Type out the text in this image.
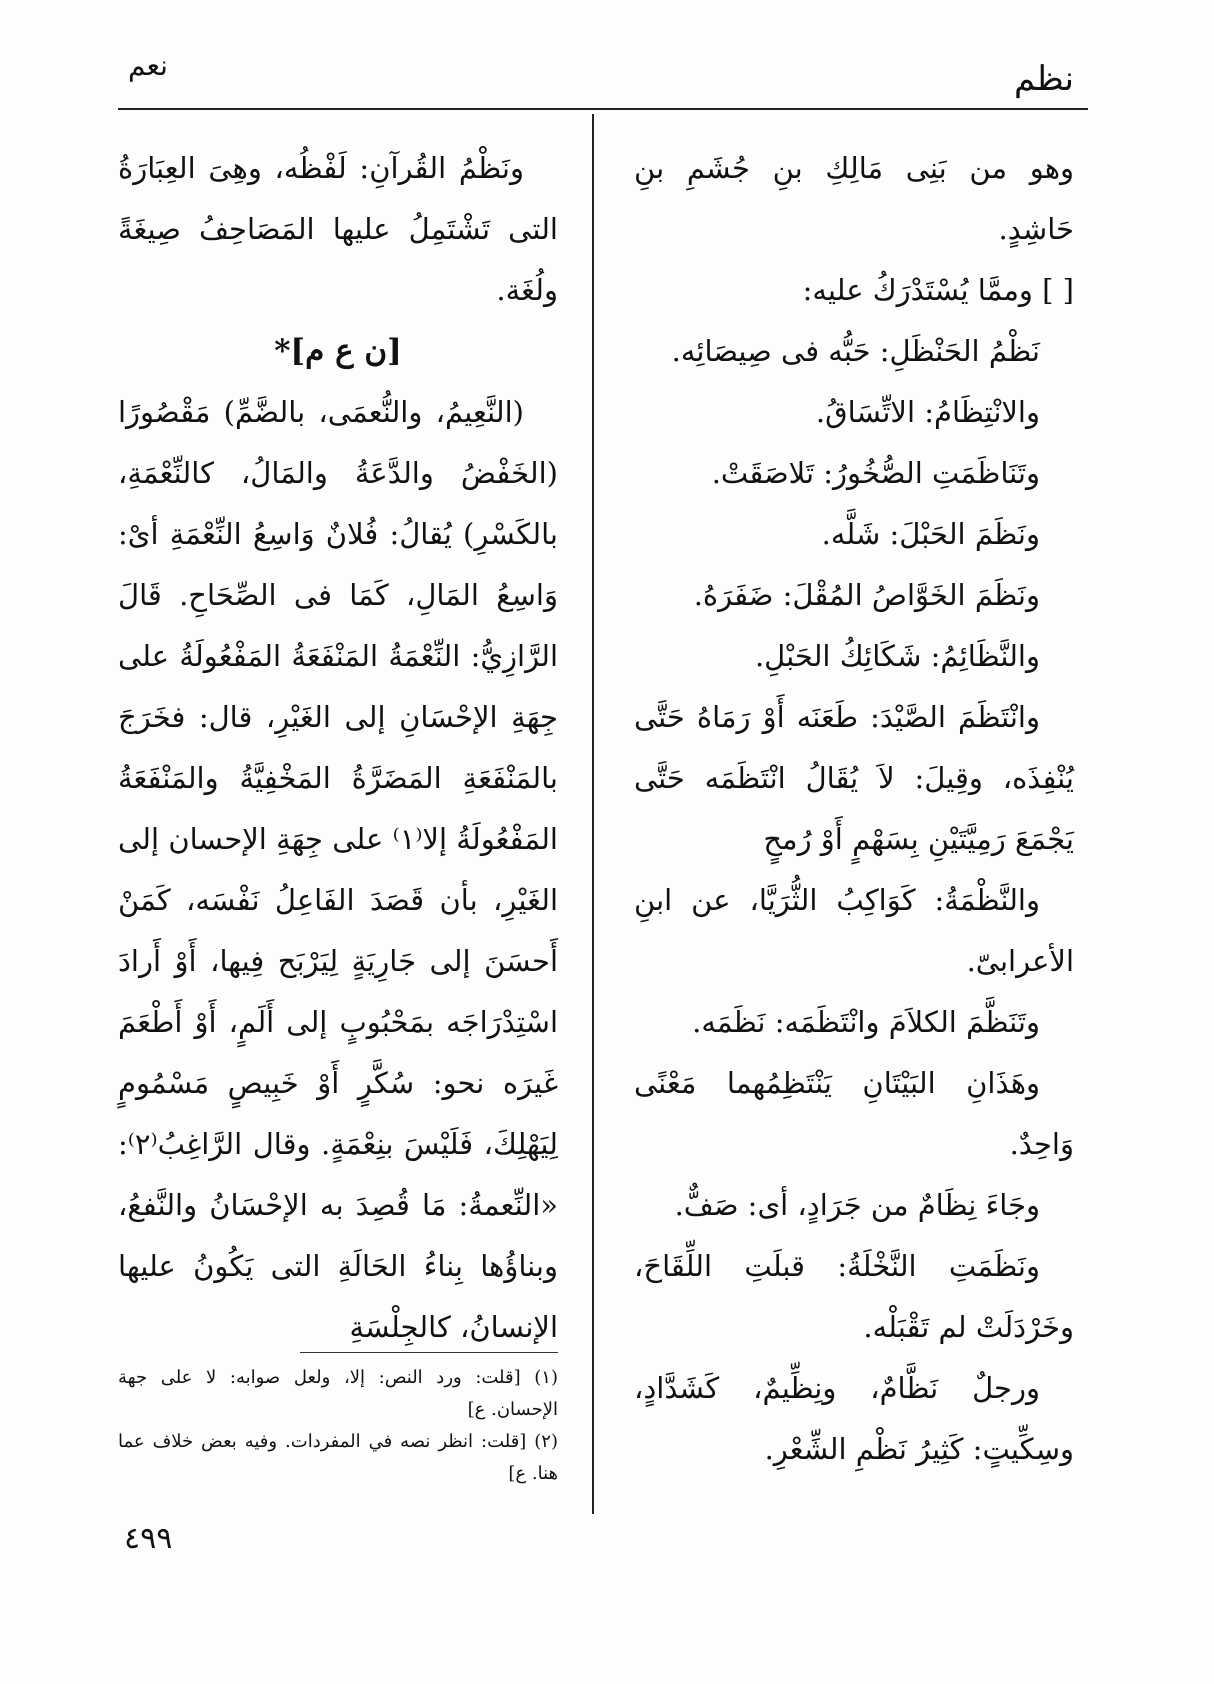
نظم
نعم

وهو من بَنِى مَالِكِ بنِ جُشَمِ بنِ حَاشِدٍ.

[ ] وممَّا يُسْتَدْرَكُ عليه:

نَظْمُ الحَنْظَلِ: حَبُّه فى صِيصَائِه.

والانْتِظَامُ: الاتِّسَاقُ.

وتَنَاظَمَتِ الصُّخُورُ: تَلاصَقَتْ.

ونَظَمَ الحَبْلَ: شَلَّه.

ونَظَمَ الخَوَّاصُ المُقْلَ: ضَفَرَهُ.

والنَّظَائِمُ: شَكَائِكُ الحَبْلِ.

وانْتَظَمَ الصَّيْدَ: طَعَنَه أَوْ رَمَاهُ حَتَّى يُنْفِذَه، وقِيلَ: لاَ يُقَالُ انْتَظَمَه حَتَّى يَجْمَعَ رَمِيَّتَيْنِ بِسَهْمٍ أَوْ رُمحٍ

والنَّظْمَةُ: كَوَاكِبُ الثُّرَيَّا، عن ابنِ الأعرابىّ.

وتَنَظَّمَ الكلاَمَ وانْتَظَمَه: نَظَمَه.

وهَذَانِ البَيْتَانِ يَنْتَظِمُهما مَعْنًى وَاحِدٌ.

وجَاءَ نِظَامٌ من جَرَادٍ، أى: صَفٌّ.

ونَظَمَتِ النَّخْلَةُ: قبلَتِ اللِّقَاحَ، وخَرْدَلَتْ لم تَقْبَلْه.

ورجلٌ نَظَّامٌ، ونِظِّيمٌ، كَشَدَّادٍ، وسِكِّيتٍ: كَثِيرُ نَظْمِ الشِّعْرِ.

ونَظْمُ القُرآنِ: لَفْظُه، وهِىَ العِبَارَةُ التى تَشْتَمِلُ عليها المَصَاحِفُ صِيغَةً ولُغَة.

[ن ع م]*

(النَّعِيمُ، والنُّعمَى، بالضَّمِّ) مَقْصُورًا (الخَفْضُ والدَّعَةُ والمَالُ، كالنِّعْمَةِ، بالكَسْرِ) يُقالُ: فُلانٌ وَاسِعُ النِّعْمَةِ أىْ: وَاسِعُ المَالِ، كَمَا فى الصِّحَاحِ. قَالَ الرَّازِيُّ: النِّعْمَةُ المَنْفَعَةُ المَفْعُولَةُ على جِهَةِ الإحْسَانِ إلى الغَيْرِ، قال: فخَرَجَ بالمَنْفَعَةِ المَضَرَّةُ المَخْفِيَّةُ والمَنْفَعَةُ المَفْعُولَةُ إلا⁽١⁾ على جِهَةِ الإحسان إلى الغَيْرِ، بأن قَصَدَ الفَاعِلُ نَفْسَه، كَمَنْ أَحسَنَ إلى جَارِيَةٍ لِيَرْبَح فِيها، أَوْ أَرادَ اسْتِدْرَاجَه بمَحْبُوبٍ إلى أَلَمٍ، أَوْ أَطْعَمَ غَيرَه نحو: سُكَّرٍ أَوْ خَبِيصٍ مَسْمُومٍ لِيَهْلِكَ، فَلَيْسَ بنِعْمَةٍ. وقال الرَّاغِبُ⁽٢⁾: «النِّعمةُ: مَا قُصِدَ به الإحْسَانُ والنَّفعُ، وبناؤُها بِناءُ الحَالَةِ التى يَكُونُ عليها الإنسانُ، كالجِلْسَةِ

(١) [قلت: ورد النص: إلا، ولعل صوابه: لا على جهة الإحسان. ع]

(٢) [قلت: انظر نصه في المفردات. وفيه بعض خلاف عما هنا. ع]

٤٩٩
